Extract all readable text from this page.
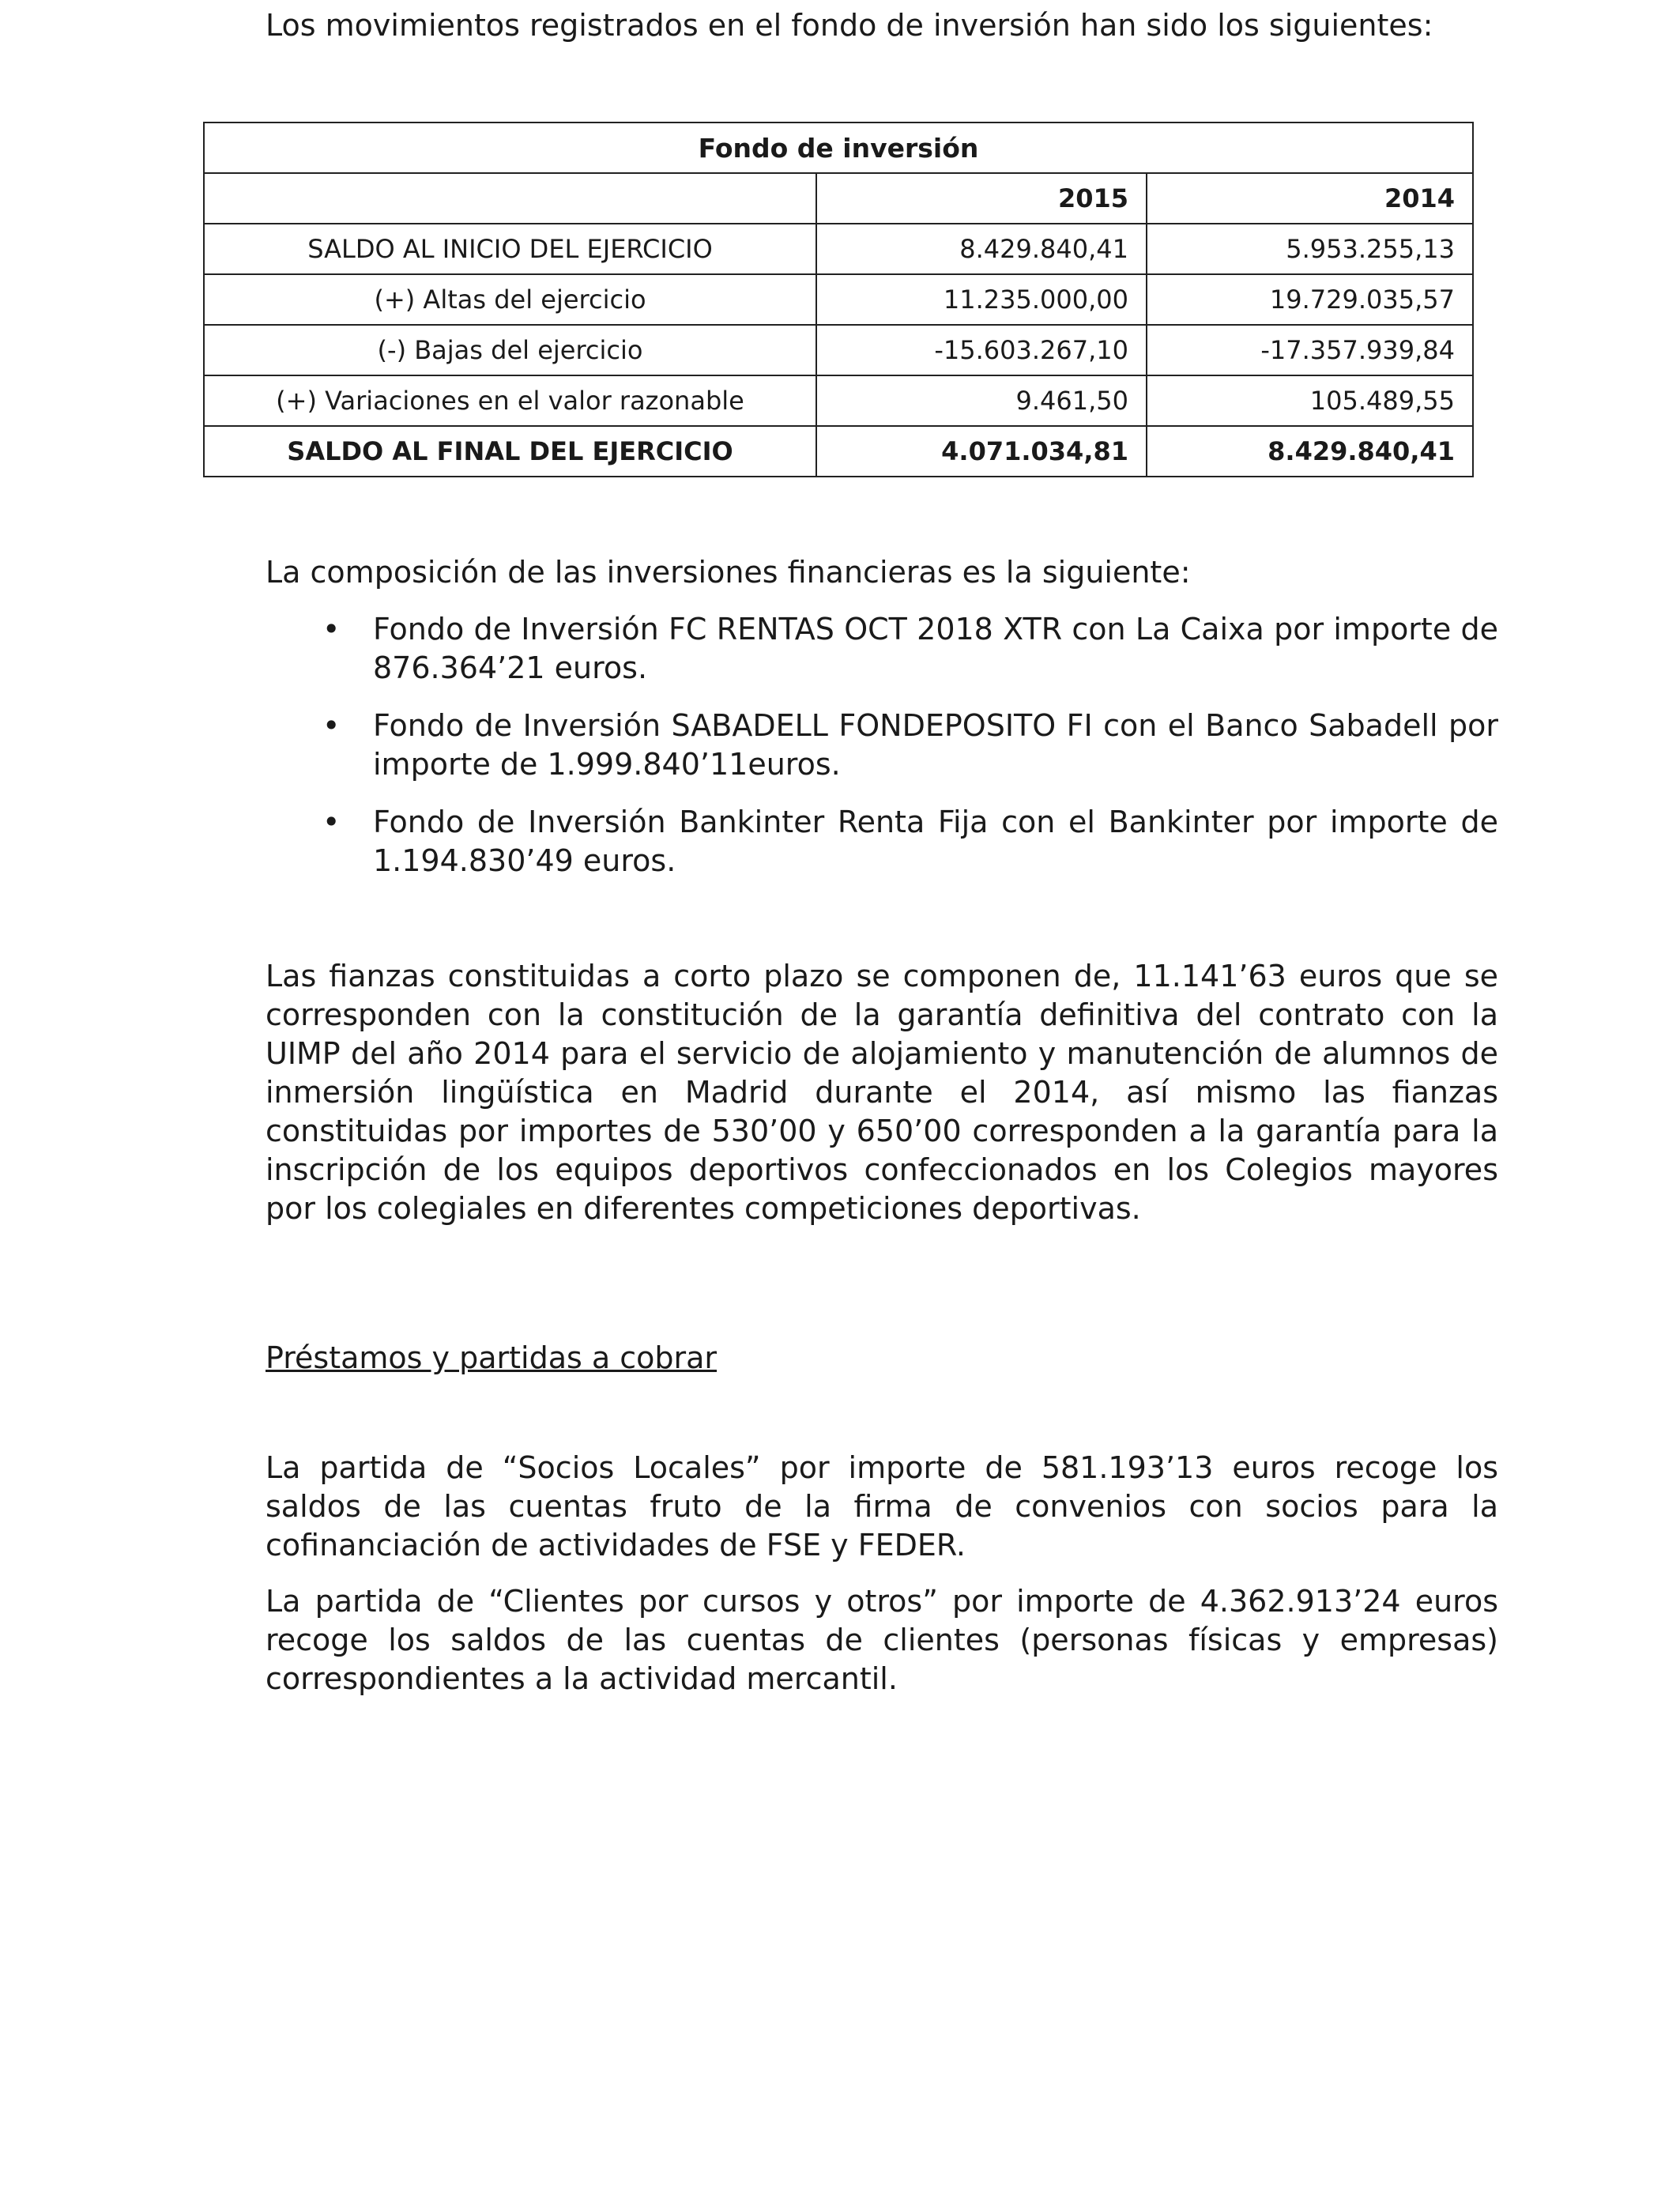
Los movimientos registrados en el fondo de inversión han sido los siguientes:

Fondo de inversión		
	2015	2014
SALDO AL INICIO DEL EJERCICIO	8.429.840,41	5.953.255,13
(+) Altas del ejercicio	11.235.000,00	19.729.035,57
(-) Bajas del ejercicio	-15.603.267,10	-17.357.939,84
(+) Variaciones en el valor razonable	9.461,50	105.489,55
SALDO AL FINAL DEL EJERCICIO	4.071.034,81	8.429.840,41

La composición de las inversiones financieras es la siguiente:

• Fondo de Inversión FC RENTAS OCT 2018 XTR con La Caixa por importe de 876.364’21 euros.
• Fondo de Inversión SABADELL FONDEPOSITO FI con el Banco Sabadell por importe de 1.999.840’11euros.
• Fondo de Inversión Bankinter Renta Fija con el Bankinter por importe de 1.194.830’49 euros.

Las fianzas constituidas a corto plazo se componen de, 11.141’63 euros que se corresponden con la constitución de la garantía definitiva del contrato con la UIMP del año 2014 para el servicio de alojamiento y manutención de alumnos de inmersión lingüística en Madrid durante el 2014, así mismo las fianzas constituidas por importes de 530’00 y 650’00 corresponden a la garantía para la inscripción de los equipos deportivos confeccionados en los Colegios mayores por los colegiales en diferentes competiciones deportivas.

Préstamos y partidas a cobrar

La partida de “Socios Locales” por importe de 581.193’13 euros recoge los saldos de las cuentas fruto de la firma de convenios con socios para la cofinanciación de actividades de FSE y FEDER.

La partida de “Clientes por cursos y otros” por importe de 4.362.913’24 euros recoge los saldos de las cuentas de clientes (personas físicas y empresas) correspondientes a la actividad mercantil.
